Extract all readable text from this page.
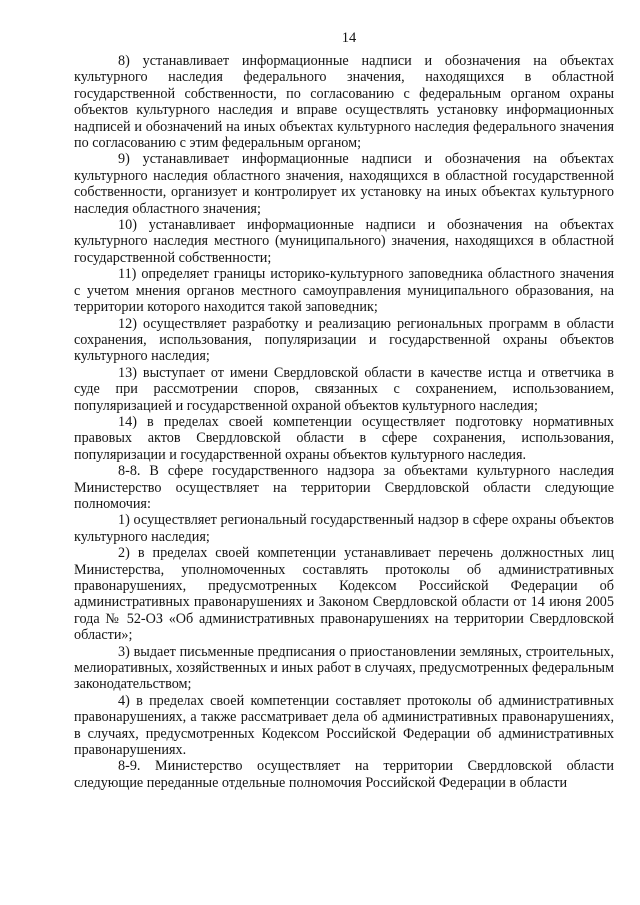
14

8) устанавливает информационные надписи и обозначения на объектах культурного наследия федерального значения, находящихся в областной государственной собственности, по согласованию с федеральным органом охраны объектов культурного наследия и вправе осуществлять установку информационных надписей и обозначений на иных объектах культурного наследия федерального значения по согласованию с этим федеральным органом;

9) устанавливает информационные надписи и обозначения на объектах культурного наследия областного значения, находящихся в областной государственной собственности, организует и контролирует их установку на иных объектах культурного наследия областного значения;

10) устанавливает информационные надписи и обозначения на объектах культурного наследия местного (муниципального) значения, находящихся в областной государственной собственности;

11) определяет границы историко-культурного заповедника областного значения с учетом мнения органов местного самоуправления муниципального образования, на территории которого находится такой заповедник;

12) осуществляет разработку и реализацию региональных программ в области сохранения, использования, популяризации и государственной охраны объектов культурного наследия;

13) выступает от имени Свердловской области в качестве истца и ответчика в суде при рассмотрении споров, связанных с сохранением, использованием, популяризацией и государственной охраной объектов культурного наследия;

14) в пределах своей компетенции осуществляет подготовку нормативных правовых актов Свердловской области в сфере сохранения, использования, популяризации и государственной охраны объектов культурного наследия.

8-8. В сфере государственного надзора за объектами культурного наследия Министерство осуществляет на территории Свердловской области следующие полномочия:

1) осуществляет региональный государственный надзор в сфере охраны объектов культурного наследия;

2) в пределах своей компетенции устанавливает перечень должностных лиц Министерства, уполномоченных составлять протоколы об административных правонарушениях, предусмотренных Кодексом Российской Федерации об административных правонарушениях и Законом Свердловской области от 14 июня 2005 года № 52-ОЗ «Об административных правонарушениях на территории Свердловской области»;

3) выдает письменные предписания о приостановлении земляных, строительных, мелиоративных, хозяйственных и иных работ в случаях, предусмотренных федеральным законодательством;

4) в пределах своей компетенции составляет протоколы об административных правонарушениях, а также рассматривает дела об административных правонарушениях, в случаях, предусмотренных Кодексом Российской Федерации об административных правонарушениях.

8-9. Министерство осуществляет на территории Свердловской области следующие переданные отдельные полномочия Российской Федерации в области
